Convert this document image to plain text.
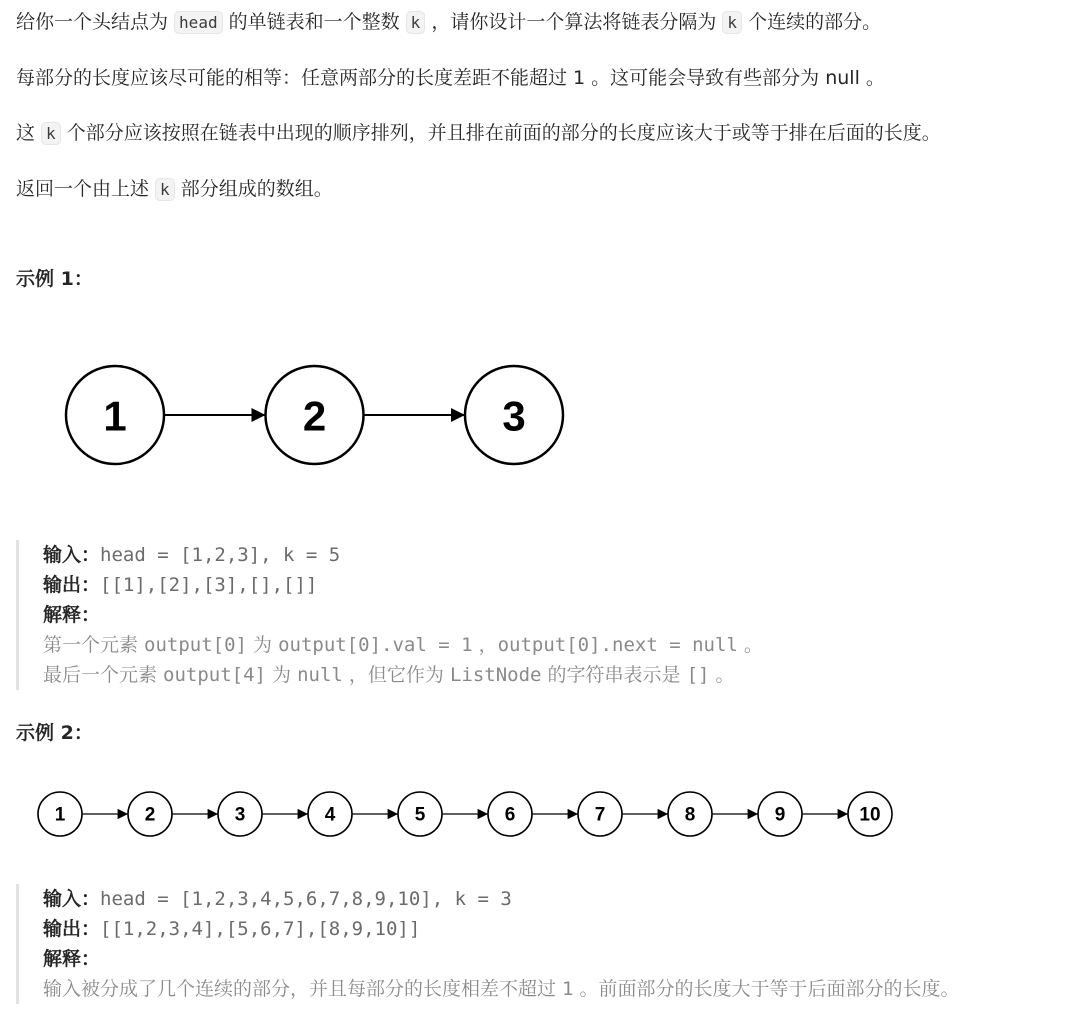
给你一个头结点为 head 的单链表和一个整数 k ，请你设计一个算法将链表分隔为 k 个连续的部分。

每部分的长度应该尽可能的相等：任意两部分的长度差距不能超过 1 。这可能会导致有些部分为 null 。

这 k 个部分应该按照在链表中出现的顺序排列，并且排在前面的部分的长度应该大于或等于排在后面的长度。

返回一个由上述 k 部分组成的数组。

示例 1：

1	2	3
输入：head = [1,2,3], k = 5
输出：[[1],[2],[3],[],[]]
解释：
第一个元素 output[0] 为 output[0].val = 1 ，output[0].next = null 。
最后一个元素 output[4] 为 null ，但它作为 ListNode 的字符串表示是 [] 。

示例 2：

1	2	3	4	5	6	7	8	9	10
输入：head = [1,2,3,4,5,6,7,8,9,10], k = 3
输出：[[1,2,3,4],[5,6,7],[8,9,10]]
解释：
输入被分成了几个连续的部分，并且每部分的长度相差不超过 1 。前面部分的长度大于等于后面部分的长度。
